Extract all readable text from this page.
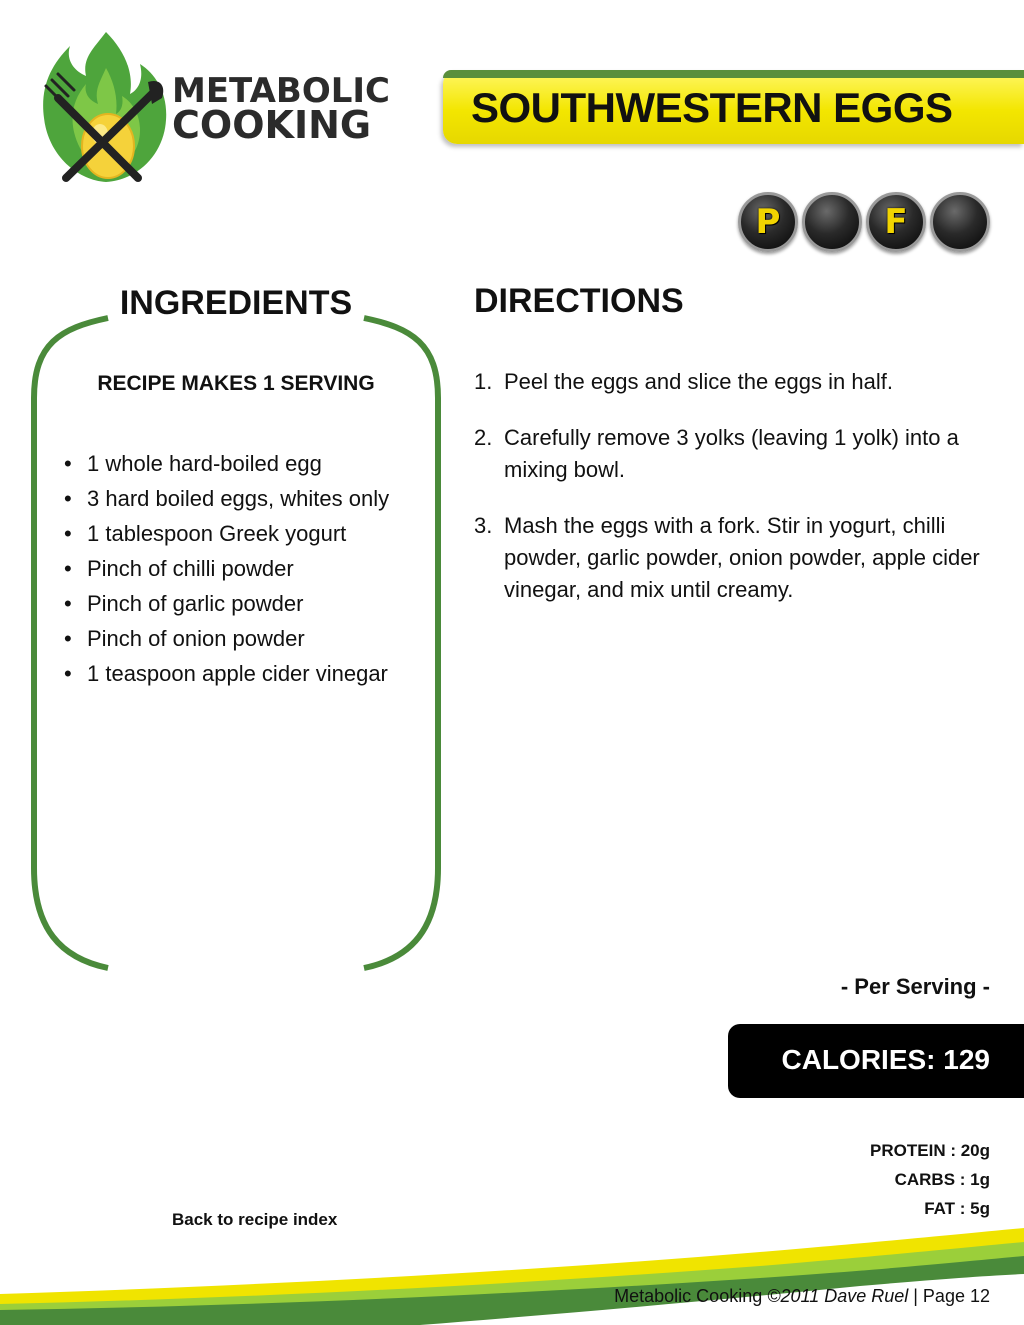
METABOLIC
COOKING	SOUTHWESTERN EGGS
P	F
INGREDIENTS
RECIPE MAKES 1 SERVING
• 1 whole hard-boiled egg
• 3 hard boiled eggs, whites only
• 1 tablespoon Greek yogurt
• Pinch of chilli powder
• Pinch of garlic powder
• Pinch of onion powder
• 1 teaspoon apple cider vinegar
DIRECTIONS
1. Peel the eggs and slice the eggs in half.
2. Carefully remove 3 yolks (leaving 1 yolk) into a mixing bowl.
3. Mash the eggs with a fork. Stir in yogurt, chilli powder, garlic powder, onion powder, apple cider vinegar, and mix until creamy.
- Per Serving -
CALORIES: 129
PROTEIN : 20g
CARBS : 1g
FAT : 5g
Back to recipe index
Metabolic Cooking ©2011 Dave Ruel | Page 12
